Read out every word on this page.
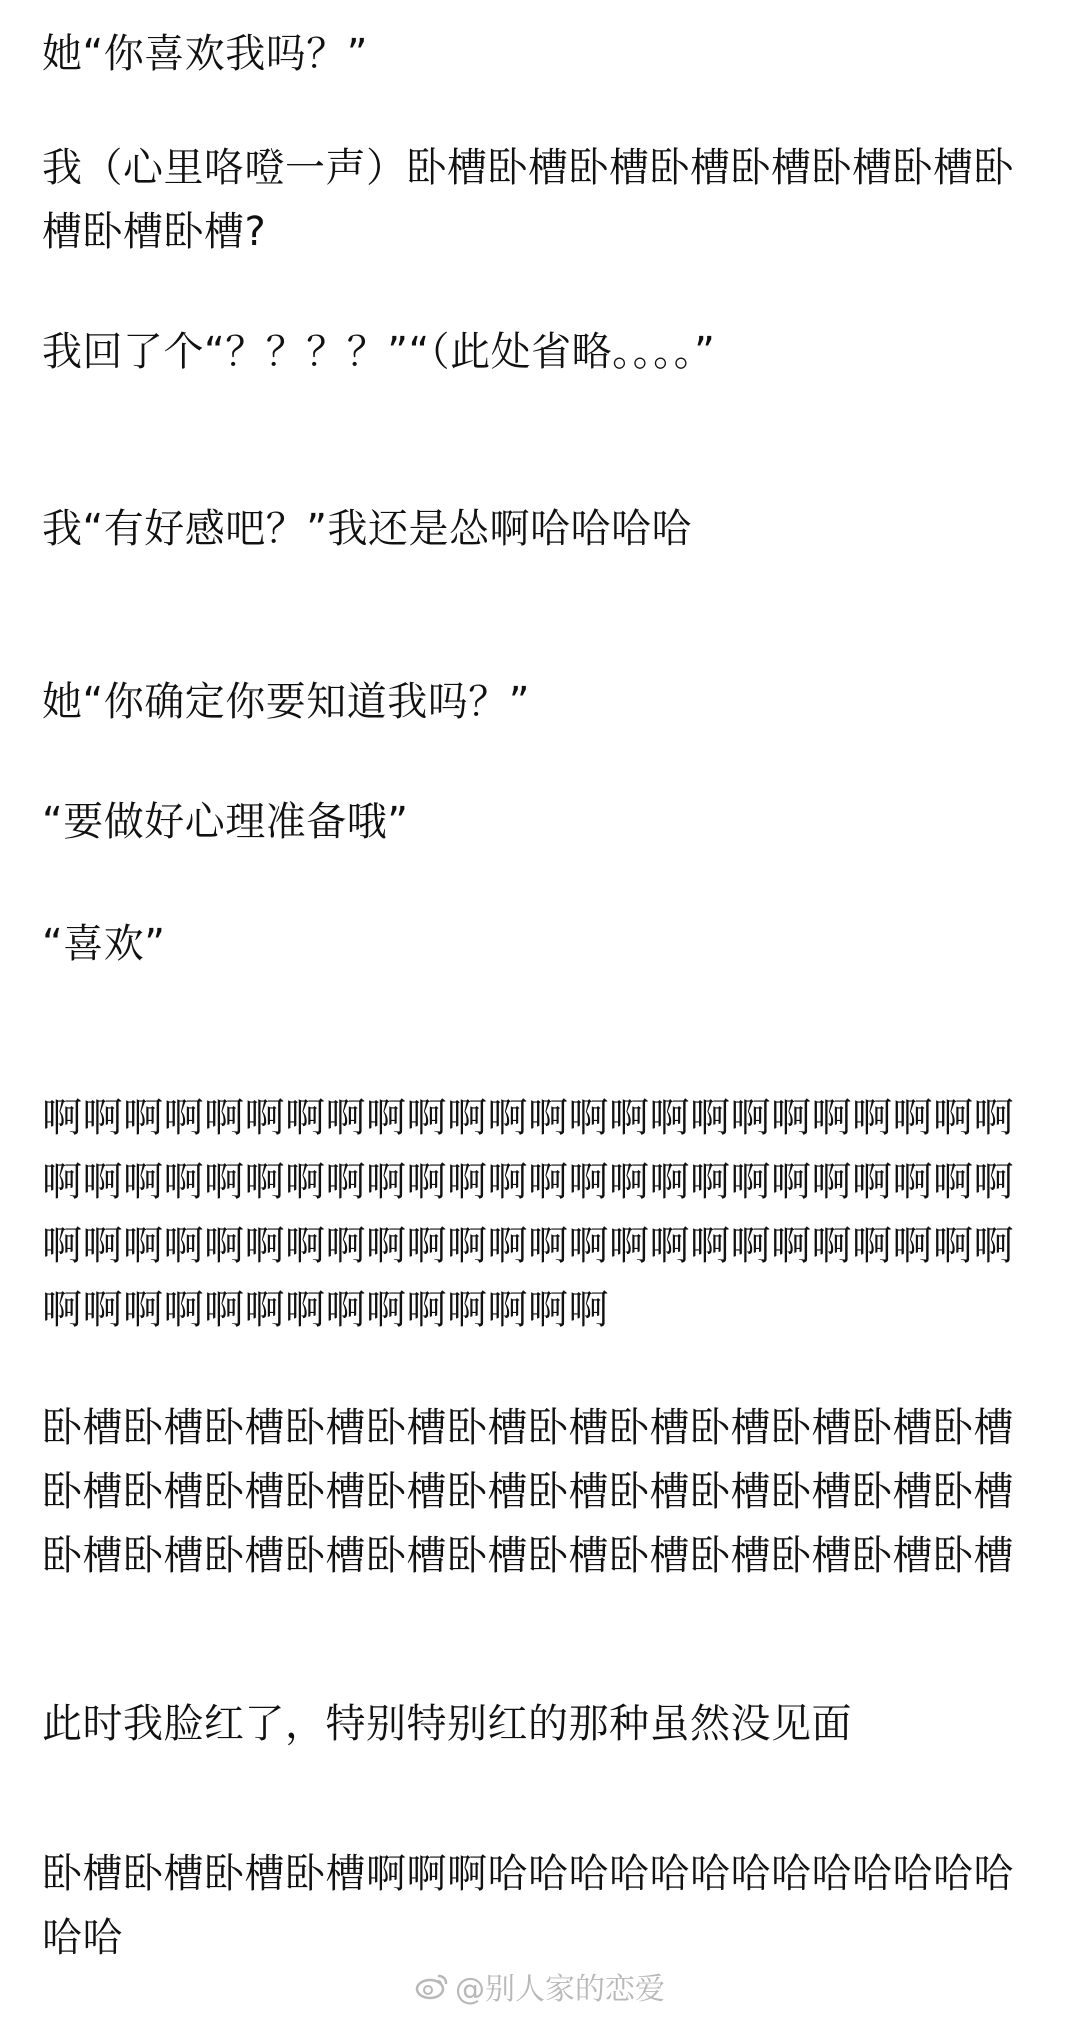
她“你喜欢我吗？”

我（心里咯噔一声）卧槽卧槽卧槽卧槽卧槽卧槽卧槽卧槽卧槽卧槽?

我回了个“？？？？”“（此处省略。。。。”

我“有好感吧？”我还是怂啊哈哈哈哈

她“你确定你要知道我吗？”

“要做好心理准备哦”

“喜欢”

啊啊啊啊啊啊啊啊啊啊啊啊啊啊啊啊啊啊啊啊啊啊啊啊啊啊啊啊啊啊啊啊啊啊啊啊啊啊啊啊啊啊啊啊啊啊啊啊啊啊啊啊啊啊啊啊啊啊啊啊啊啊啊啊啊啊啊啊啊啊啊啊啊啊啊啊啊啊啊啊啊啊啊啊啊啊

卧槽卧槽卧槽卧槽卧槽卧槽卧槽卧槽卧槽卧槽卧槽卧槽卧槽卧槽卧槽卧槽卧槽卧槽卧槽卧槽卧槽卧槽卧槽卧槽卧槽卧槽卧槽卧槽卧槽卧槽卧槽卧槽卧槽卧槽卧槽卧槽

此时我脸红了，特别特别红的那种虽然没见面

卧槽卧槽卧槽卧槽啊啊啊哈哈哈哈哈哈哈哈哈哈哈哈哈哈哈

@别人家的恋爱
